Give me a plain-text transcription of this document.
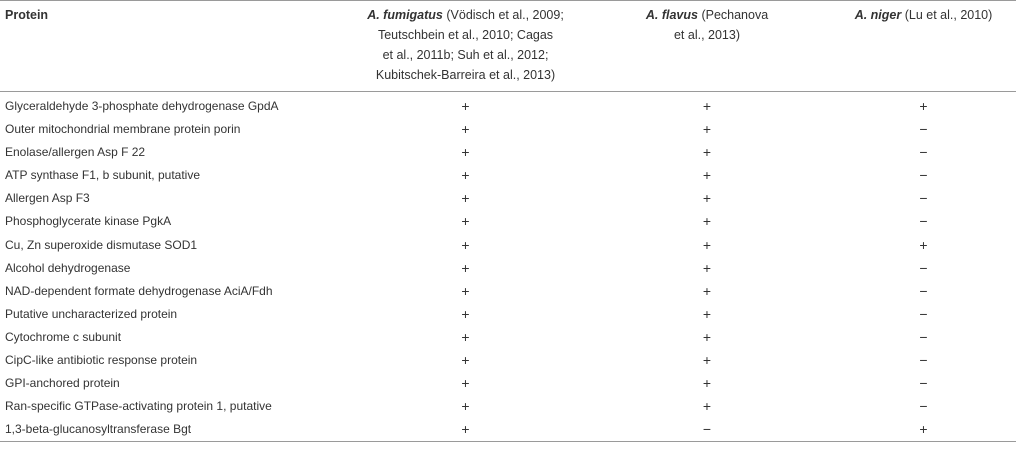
Protein	A. fumigatus (Vödisch et al., 2009;
Teutschbein et al., 2010; Cagas
et al., 2011b; Suh et al., 2012;
Kubitschek-Barreira et al., 2013)	A. flavus (Pechanova
et al., 2013)	A. niger (Lu et al., 2010)
Glyceraldehyde 3-phosphate dehydrogenase GpdA	+	+	+
Outer mitochondrial membrane protein porin	+	+	−
Enolase/allergen Asp F 22	+	+	−
ATP synthase F1, b subunit, putative	+	+	−
Allergen Asp F3	+	+	−
Phosphoglycerate kinase PgkA	+	+	−
Cu, Zn superoxide dismutase SOD1	+	+	+
Alcohol dehydrogenase	+	+	−
NAD-dependent formate dehydrogenase AciA/Fdh	+	+	−
Putative uncharacterized protein	+	+	−
Cytochrome c subunit	+	+	−
CipC-like antibiotic response protein	+	+	−
GPI-anchored protein	+	+	−
Ran-specific GTPase-activating protein 1, putative	+	+	−
1,3-beta-glucanosyltransferase Bgt	+	−	+
